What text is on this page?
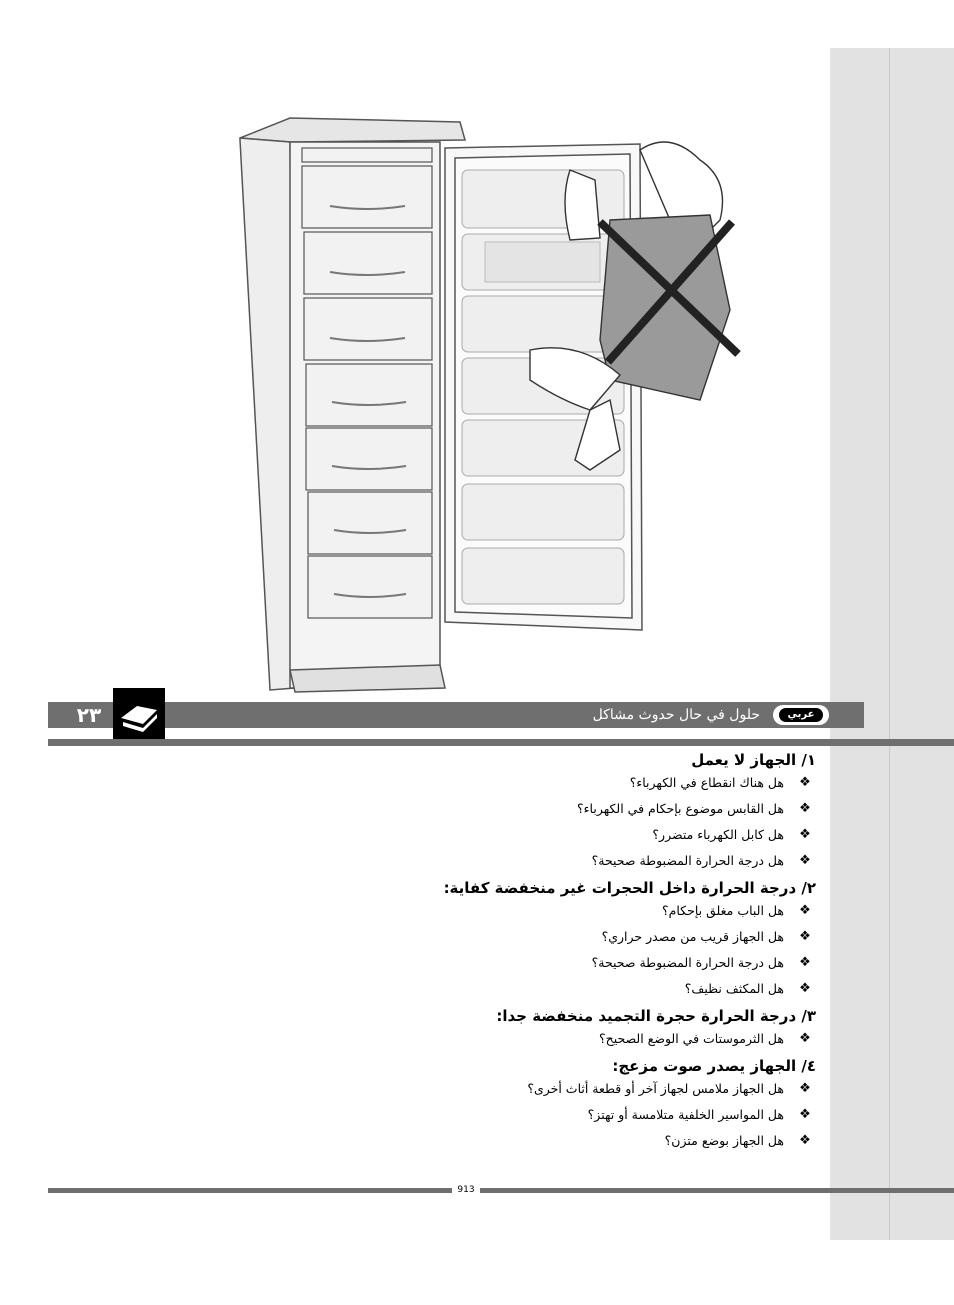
٢٣	حلول في حال حدوث مشاكل	عربي
١/ الجهاز لا يعمل
❖
هل هناك انقطاع في الكهرباء؟
❖
هل القابس موضوع بإحكام في الكهرباء؟
❖
هل كابل الكهرباء متضرر؟
❖
هل درجة الحرارة المضبوطة صحيحة؟
٢/ درجة الحرارة داخل الحجرات غير منخفضة كفاية:
❖
هل الباب مغلق بإحكام؟
❖
هل الجهاز قريب من مصدر حراري؟
❖
هل درجة الحرارة المضبوطة صحيحة؟
❖
هل المكثف نظيف؟
٣/ درجة الحرارة حجرة التجميد منخفضة جدا:
❖
هل الثرموستات في الوضع الصحيح؟
٤/ الجهاز يصدر صوت مزعج:
❖
هل الجهاز ملامس لجهاز آخر أو قطعة أثاث أخرى؟
❖
هل المواسير الخلفية متلامسة أو تهتز؟
❖
هل الجهاز بوضع متزن؟
913
